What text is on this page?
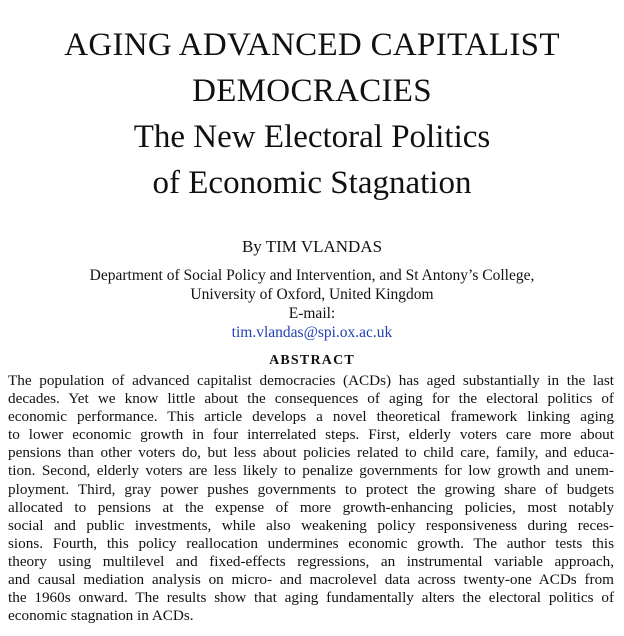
AGING ADVANCED CAPITALIST
DEMOCRACIES
The New Electoral Politics
of Economic Stagnation
By TIM VLANDAS
Department of Social Policy and Intervention, and St Antony’s College,
University of Oxford, United Kingdom
E-mail:
tim.vlandas@spi.ox.ac.uk
ABSTRACT
The population of advanced capitalist democracies (ACDs) has aged substantially in the last
decades. Yet we know little about the consequences of aging for the electoral politics of
economic performance. This article develops a novel theoretical framework linking aging
to lower economic growth in four interrelated steps. First, elderly voters care more about
pensions than other voters do, but less about policies related to child care, family, and educa-
tion. Second, elderly voters are less likely to penalize governments for low growth and unem-
ployment. Third, gray power pushes governments to protect the growing share of budgets
allocated to pensions at the expense of more growth-enhancing policies, most notably
social and public investments, while also weakening policy responsiveness during reces-
sions. Fourth, this policy reallocation undermines economic growth. The author tests this
theory using multilevel and fixed-effects regressions, an instrumental variable approach,
and causal mediation analysis on micro- and macrolevel data across twenty-one ACDs from
the 1960s onward. The results show that aging fundamentally alters the electoral politics of
economic stagnation in ACDs.
